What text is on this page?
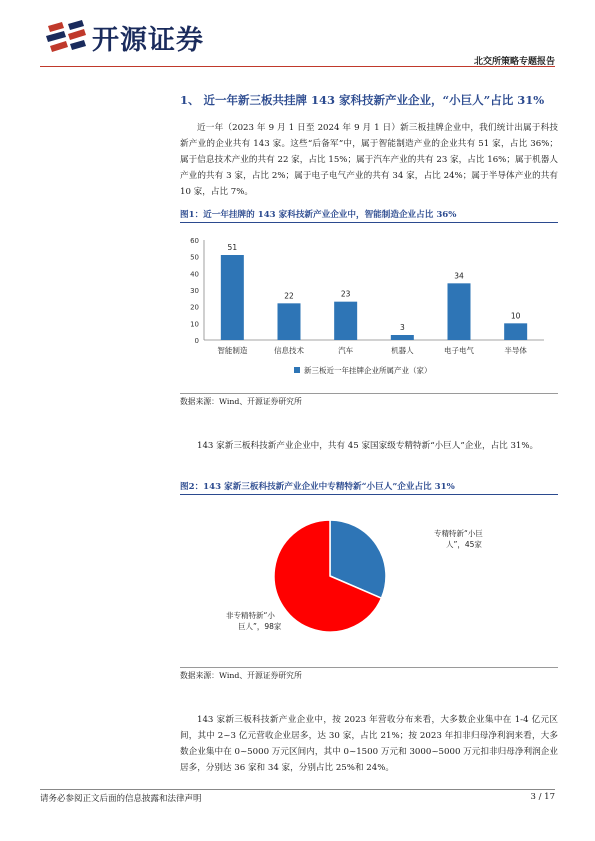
开源证券
北交所策略专题报告
1、 近一年新三板共挂牌 143 家科技新产业企业，“小巨人”占比 31%
近一年（2023 年 9 月 1 日至 2024 年 9 月 1 日）新三板挂牌企业中，我们统计出属于科技新产业的企业共有 143 家。这些“后备军”中，属于智能制造产业的企业共有 51 家，占比 36%；属于信息技术产业的共有 22 家，占比 15%；属于汽车产业的共有 23 家，占比 16%；属于机器人产业的共有 3 家，占比 2%；属于电子电气产业的共有 34 家，占比 24%；属于半导体产业的共有 10 家，占比 7%。
图1：近一年挂牌的 143 家科技新产业企业中，智能制造企业占比 36%
0
10
20
30
40
50
60
51
智能制造
22
信息技术
23
汽车
3
机器人
34
电子电气
10
半导体
新三板近一年挂牌企业所属产业（家）
数据来源：Wind、开源证券研究所
143 家新三板科技新产业企业中，共有 45 家国家级专精特新“小巨人”企业，占比 31%。
图2：143 家新三板科技新产业企业中专精特新“小巨人”企业占比 31%
专精特新“小巨
人”，45家
非专精特新“小
巨人”，98家
数据来源：Wind、开源证券研究所
143 家新三板科技新产业企业中，按 2023 年营收分布来看，大多数企业集中在 1-4 亿元区间，其中 2~3 亿元营收企业居多，达 30 家，占比 21%；按 2023 年扣非归母净利润来看，大多数企业集中在 0~5000 万元区间内，其中 0~1500 万元和 3000~5000 万元扣非归母净利润企业居多，分别达 36 家和 34 家，分别占比 25%和 24%。
请务必参阅正文后面的信息披露和法律声明	3 / 17
